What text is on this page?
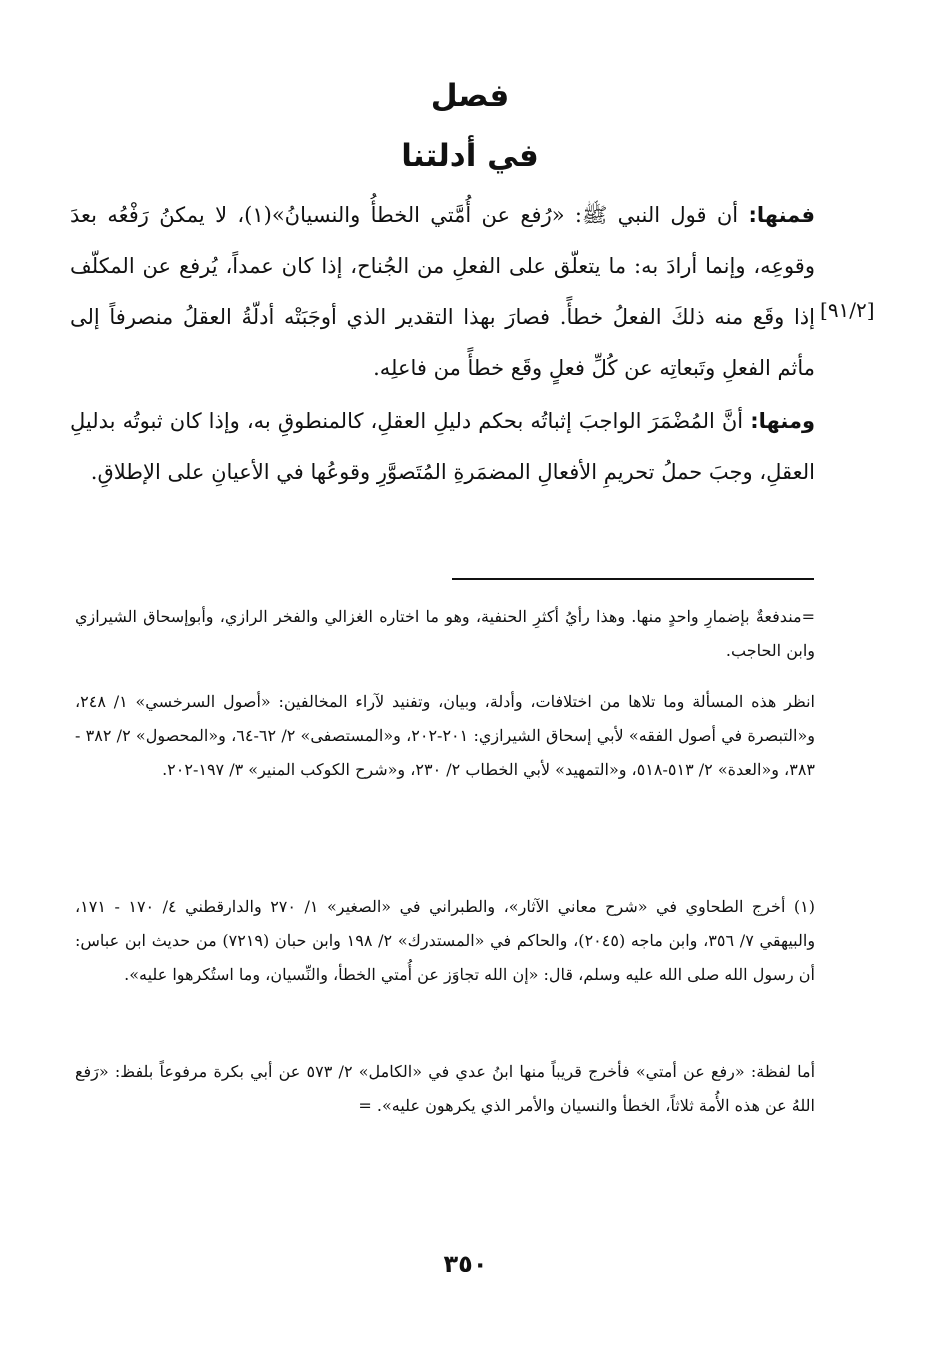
فصل
في أدلتنا

فمنها: أن قول النبي ﷺ: «رُفع عن أُمَّتي الخطأُ والنسيانُ»(١)، لا يمكنُ رَفْعُه بعدَ وقوعِه، وإنما أرادَ به: ما يتعلّق على الفعلِ من الجُناح، إذا كان عمداً، يُرفع عن المكلّف إذا وقَع منه ذلكَ الفعلُ خطأً. فصارَ بهذا التقدير الذي أوجَبَتْه أدلّةُ العقلُ منصرفاً إلى مأثم الفعلِ وتَبعاتِه عن كُلِّ فعلٍ وقَع خطأً من فاعلِه.

[٩١/٢]

ومنها: أنَّ المُضْمَرَ الواجبَ إثباتُه بحكم دليلِ العقلِ، كالمنطوقِ به، وإذا كان ثبوتُه بدليلِ العقلِ، وجبَ حملُ تحريمِ الأفعالِ المضمَرةِ المُتَصوَّرِ وقوعُها في الأعيانِ على الإطلاقِ.

=مندفعةٌ بإضمارِ واحدٍ منها. وهذا رأيُ أكثرِ الحنفية، وهو ما اختاره الغزالي والفخر الرازي، وأبوإسحاق الشيرازي وابن الحاجب.

انظر هذه المسألة وما تلاها من اختلافات، وأدلة، وبيان، وتفنيد لآراء المخالفين: «أصول السرخسي» ١/ ٢٤٨، و«التبصرة في أصول الفقه» لأبي إسحاق الشيرازي: ٢٠١-٢٠٢، و«المستصفى» ٢/ ٦٢-٦٤، و«المحصول» ٢/ ٣٨٢ - ٣٨٣، و«العدة» ٢/ ٥١٣-٥١٨، و«التمهيد» لأبي الخطاب ٢/ ٢٣٠، و«شرح الكوكب المنير» ٣/ ١٩٧-٢٠٢.

(١) أخرج الطحاوي في «شرح معاني الآثار»، والطبراني في «الصغير» ١/ ٢٧٠ والدارقطني ٤/ ١٧٠ - ١٧١، والبيهقي ٧/ ٣٥٦، وابن ماجه (٢٠٤٥)، والحاكم في «المستدرك» ٢/ ١٩٨ وابن حبان (٧٢١٩) من حديث ابن عباس: أن رسول الله صلى الله عليه وسلم، قال: «إن الله تجاوَز عن أُمتي الخطأ، والنِّسيان، وما استُكرهوا عليه».

أما لفظة: «رفع عن أمتي» فأخرج قريباً منها ابنُ عدي في «الكامل» ٢/ ٥٧٣ عن أبي بكرة مرفوعاً بلفظ: «رَفع اللهُ عن هذه الأُمة ثلاثاً، الخطأ والنسيان والأمر الذي يكرهون عليه». =

٣٥٠
